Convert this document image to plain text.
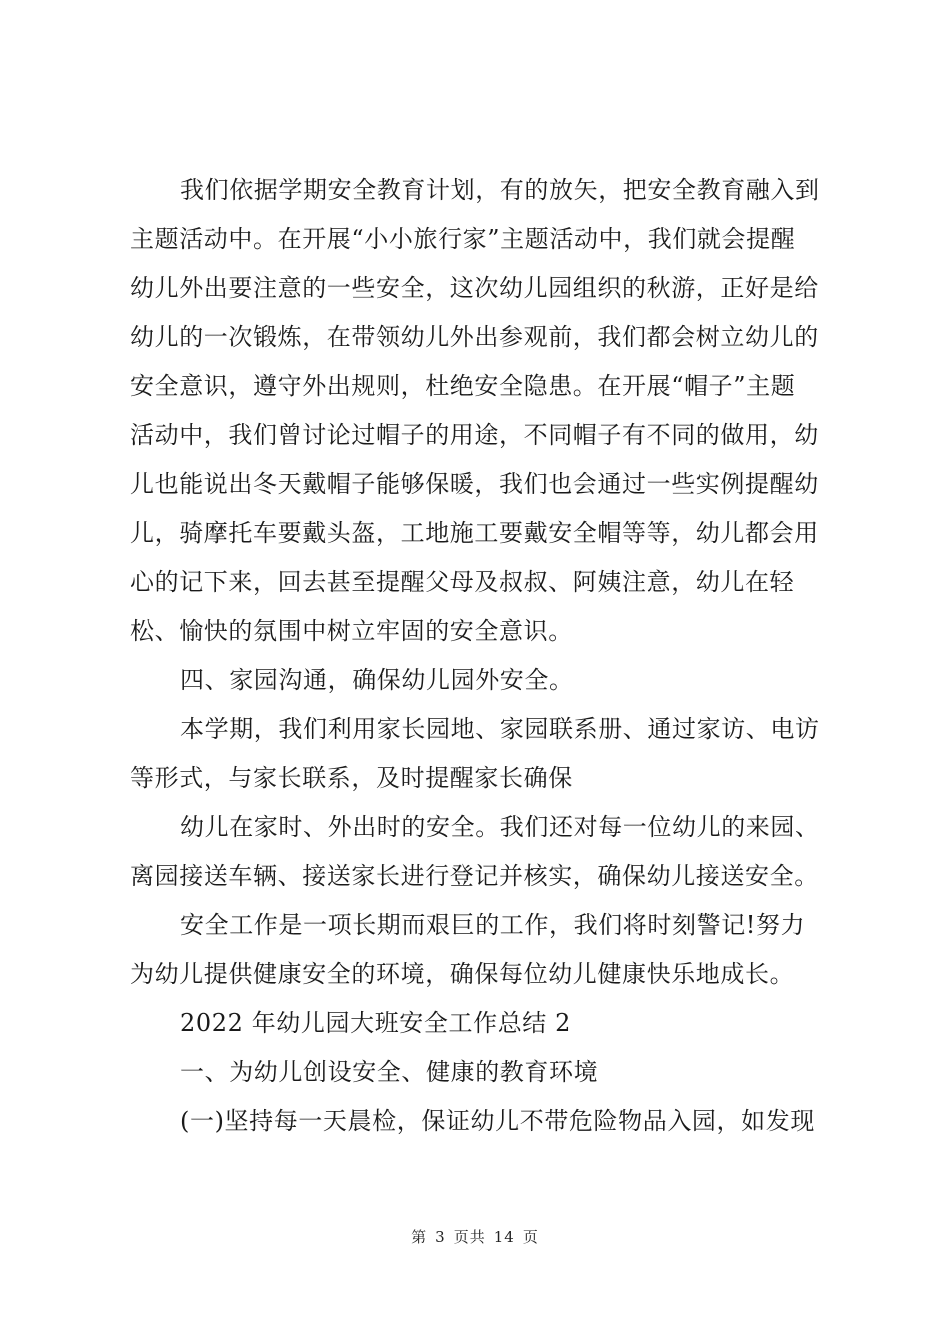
我们依据学期安全教育计划，有的放矢，把安全教育融入到
主题活动中。在开展“小小旅行家”主题活动中，我们就会提醒
幼儿外出要注意的一些安全，这次幼儿园组织的秋游，正好是给
幼儿的一次锻炼，在带领幼儿外出参观前，我们都会树立幼儿的
安全意识，遵守外出规则，杜绝安全隐患。在开展“帽子”主题
活动中，我们曾讨论过帽子的用途，不同帽子有不同的做用，幼
儿也能说出冬天戴帽子能够保暖，我们也会通过一些实例提醒幼
儿，骑摩托车要戴头盔，工地施工要戴安全帽等等，幼儿都会用
心的记下来，回去甚至提醒父母及叔叔、阿姨注意，幼儿在轻
松、愉快的氛围中树立牢固的安全意识。
四、家园沟通，确保幼儿园外安全。
本学期，我们利用家长园地、家园联系册、通过家访、电访
等形式，与家长联系，及时提醒家长确保
幼儿在家时、外出时的安全。我们还对每一位幼儿的来园、
离园接送车辆、接送家长进行登记并核实，确保幼儿接送安全。
安全工作是一项长期而艰巨的工作，我们将时刻警记!努力
为幼儿提供健康安全的环境，确保每位幼儿健康快乐地成长。
2022 年幼儿园大班安全工作总结 2
一、为幼儿创设安全、健康的教育环境
(一)坚持每一天晨检，保证幼儿不带危险物品入园，如发现
第 3 页共 14 页
